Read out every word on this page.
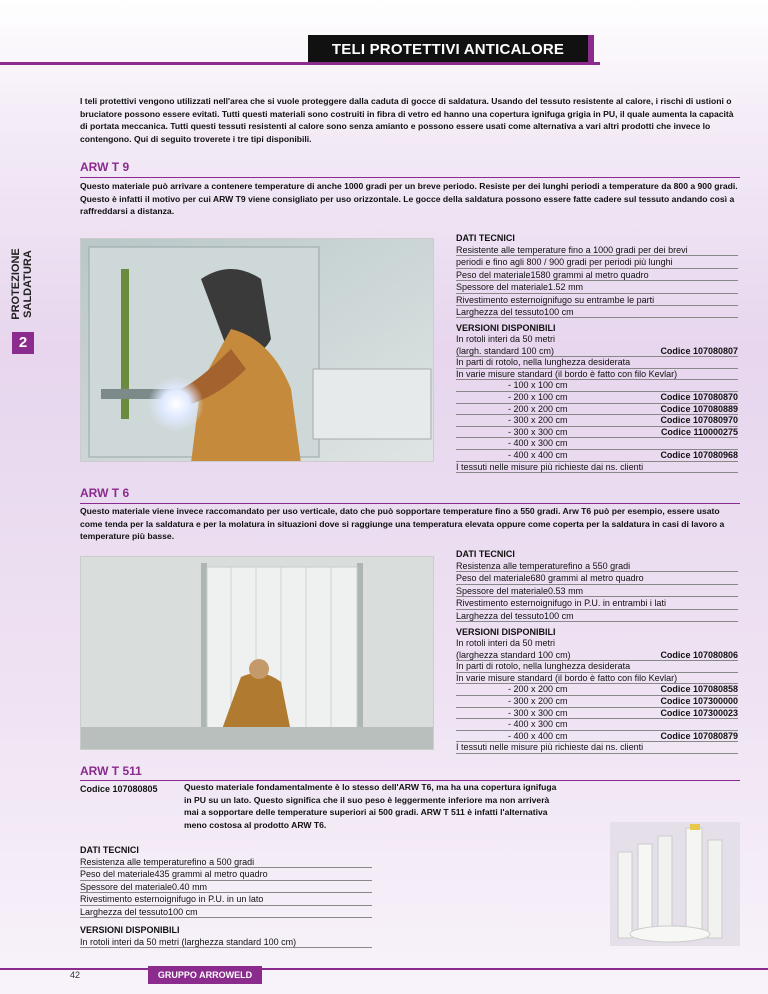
TELI PROTETTIVI ANTICALORE
PROTEZIONE SALDATURA
2

I teli protettivi vengono utilizzati nell'area che si vuole proteggere dalla caduta di gocce di saldatura. Usando del tessuto resistente al calore, i rischi di ustioni o bruciatore possono essere evitati. Tutti questi materiali sono costruiti in fibra di vetro ed hanno una copertura ignifuga grigia in PU, il quale aumenta la capacità di portata meccanica. Tutti questi tessuti resistenti al calore sono senza amianto e possono essere usati come alternativa a vari altri prodotti che invece lo contengono. Qui di seguito troverete i tre tipi disponibili.

ARW T 9

Questo materiale può arrivare a contenere temperature di anche 1000 gradi per un breve periodo. Resiste per dei lunghi periodi a temperature da 800 a 900 gradi. Questo è infatti il motivo per cui ARW T9 viene consigliato per uso orizzontale. Le gocce della saldatura possono essere fatte cadere sul tessuto andando così a raffreddarsi a distanza.

DATI TECNICI
Resistente alle temperature fino a 1000 gradi per dei brevi
periodi e fino agli 800 / 900 gradi per periodi più lunghi
Peso del materiale1580 grammi al metro quadro
Spessore del materiale1.52 mm
Rivestimento esternoignifugo su entrambe le parti
Larghezza del tessuto100 cm
VERSIONI DISPONIBILI
In rotoli interi da 50 metri
(largh. standard 100 cm)	Codice 107080807
In parti di rotolo, nella lunghezza desiderata
In varie misure standard (il bordo è fatto con filo Kevlar)
- 100 x 100 cm
- 200 x 100 cm	Codice 107080870
- 200 x 200 cm	Codice 107080889
- 300 x 200 cm	Codice 107080970
- 300 x 300 cm	Codice 110000275
- 400 x 300 cm
- 400 x 400 cm	Codice 107080968
I tessuti nelle misure più richieste dai ns. clienti
ARW T 6

Questo materiale viene invece raccomandato per uso verticale, dato che può sopportare temperature fino a 550 gradi. Arw T6 può per esempio, essere usato come tenda per la saldatura e per la molatura in situazioni dove si raggiunge una temperatura elevata oppure come coperta per la saldatura in casi di lavoro a temperature più basse.

DATI TECNICI
Resistenza alle temperaturefino a 550 gradi
Peso del materiale680 grammi al metro quadro
Spessore del materiale0.53 mm
Rivestimento esternoignifugo in P.U. in entrambi i lati
Larghezza del tessuto100 cm
VERSIONI DISPONIBILI
In rotoli interi da 50 metri
(larghezza standard 100 cm)	Codice 107080806
In parti di rotolo, nella lunghezza desiderata
In varie misure standard (il bordo è fatto con filo Kevlar)
- 200 x 200 cm	Codice 107080858
- 300 x 200 cm	Codice 107300000
- 300 x 300 cm	Codice 107300023
- 400 x 300 cm
- 400 x 400 cm	Codice 107080879
I tessuti nelle misure più richieste dai ns. clienti
ARW T 511
Codice 107080805	Questo materiale fondamentalmente è lo stesso dell'ARW T6, ma ha una copertura ignifuga in PU su un lato. Questo significa che il suo peso è leggermente inferiore ma non arriverà mai a sopportare delle temperature superiori ai 500 gradi. ARW T 511 è infatti l'alternativa meno costosa al prodotto ARW T6.

DATI TECNICI
Resistenza alle temperaturefino a 500 gradi
Peso del materiale435 grammi al metro quadro
Spessore del materiale0.40 mm
Rivestimento esternoignifugo in P.U. in un lato
Larghezza del tessuto100 cm
VERSIONI DISPONIBILI
In rotoli interi da 50 metri (larghezza standard 100 cm)
42	GRUPPO ARROWELD
